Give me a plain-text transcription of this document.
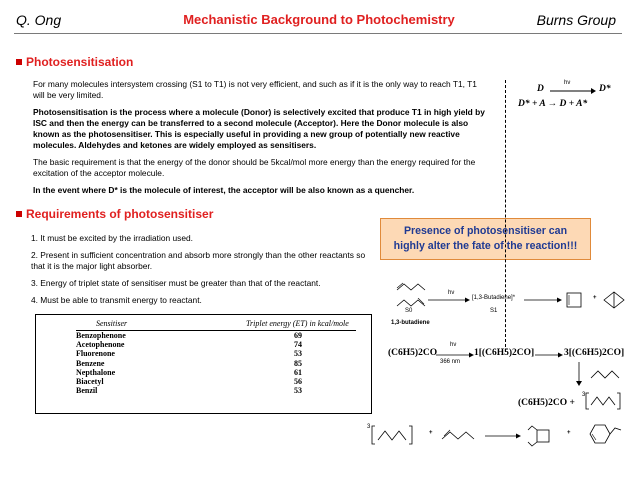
Q. Ong	Mechanistic Background to Photochemistry	Burns Group
Photosensitisation
For many molecules intersystem crossing (S1 to T1) is not very efficient, and such as if it is the only way to reach T1, T1 will be very limited.
Photosensitisation is the process where a molecule (Donor) is selectively excited that produce T1 in high yield by ISC and then the energy can be transferred to a second molecule (Acceptor). Here the Donor molecule is also known as the photosensitiser. This is especially useful in providing a new group of potentially new reactive molecules. Aldehydes and ketones are widely employed as sensitisers.
The basic requirement is that the energy of the donor should be 5kcal/mol more energy than the energy required for the excitation of the acceptor molecule.
In the event where D* is the molecule of interest, the acceptor will be also known as a quencher.
D
hν
D*
D* + A → D + A*
Requirements of photosensitiser
1. It must be excited by the irradiation used.
2. Present in sufficient concentration and absorb more strongly than the other reactants so that it is the major light absorber.
3. Energy of triplet state of sensitiser must be greater than that of the reactant.
4. Must be able to transmit energy to reactant.
Presence of photosensitiser can
highly alter the fate of the reaction!!!
Sensitiser	Triplet energy (ET) in kcal/mole
Benzophenone	69
Acetophenone	74
Fluorenone	53
Benzene	85
Nepthalone	61
Biacetyl	56
Benzil	53
hν
[1,3-Butadiene]*	+
S0	S1
1,3-butadiene
(C6H5)2CO
hν
366 nm
1[(C6H5)2CO]	3[(C6H5)2CO]
(C6H5)2CO +
3
3
+	+
